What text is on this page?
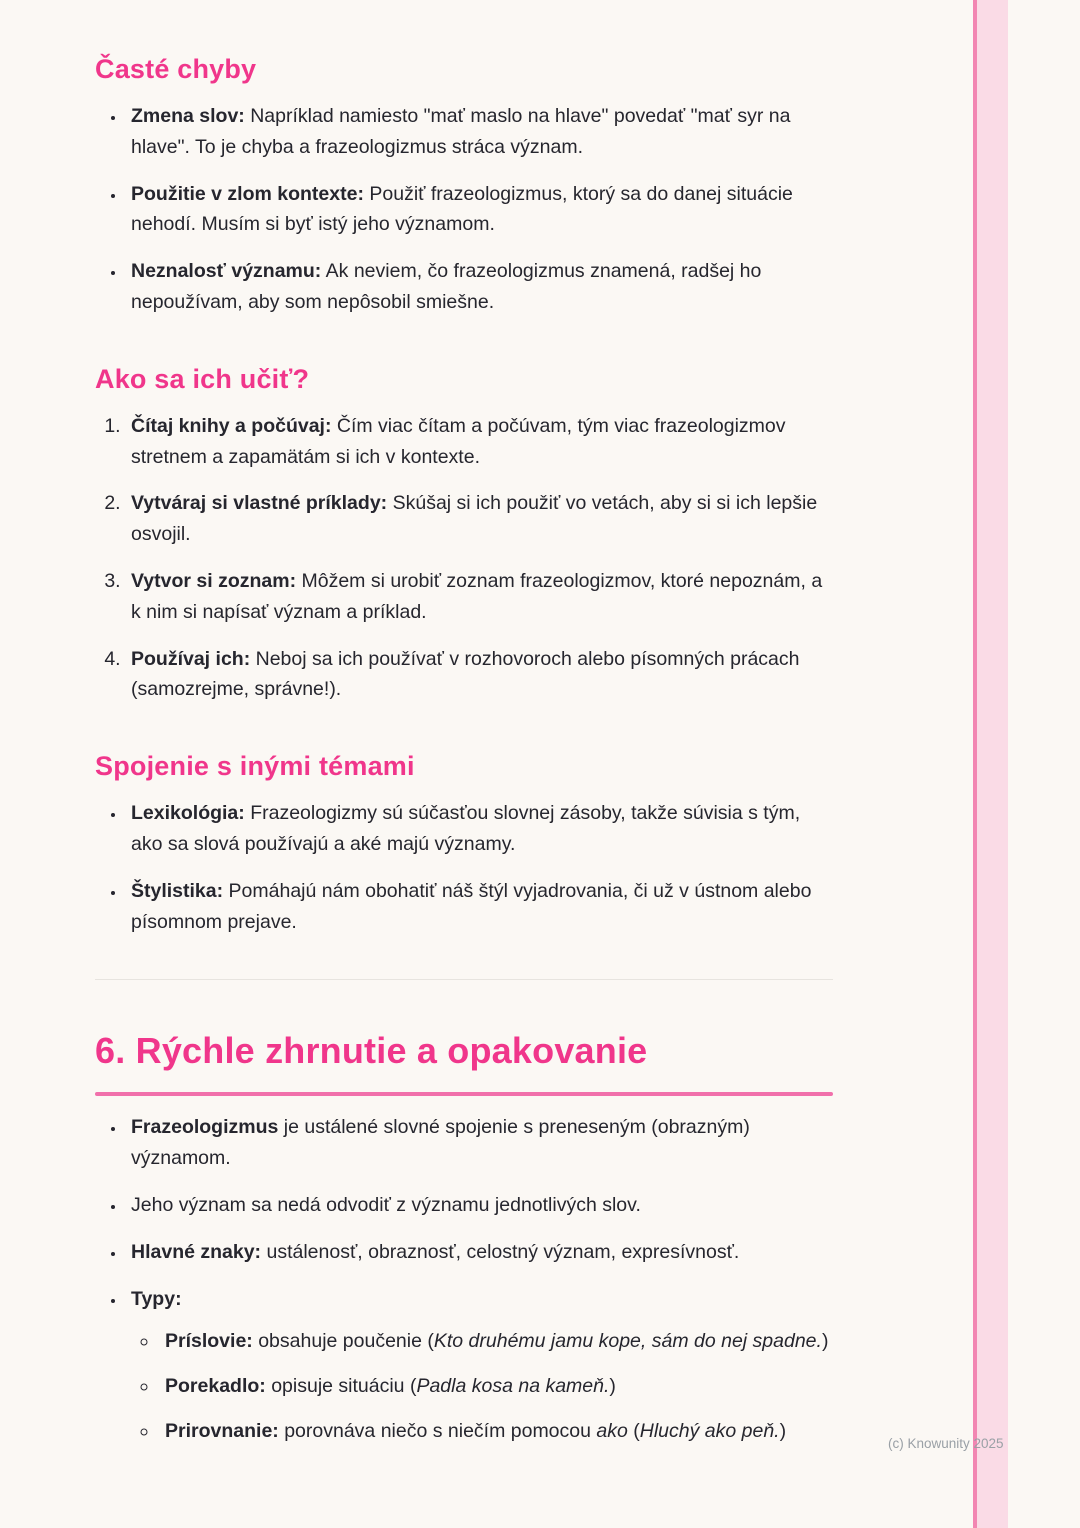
Časté chyby
• Zmena slov: Napríklad namiesto "mať maslo na hlave" povedať "mať syr na hlave". To je chyba a frazeologizmus stráca význam.
• Použitie v zlom kontexte: Použiť frazeologizmus, ktorý sa do danej situácie nehodí. Musím si byť istý jeho významom.
• Neznalosť významu: Ak neviem, čo frazeologizmus znamená, radšej ho nepoužívam, aby som nepôsobil smiešne.
Ako sa ich učiť?
1. Čítaj knihy a počúvaj: Čím viac čítam a počúvam, tým viac frazeologizmov stretnem a zapamätám si ich v kontexte.
2. Vytváraj si vlastné príklady: Skúšaj si ich použiť vo vetách, aby si si ich lepšie osvojil.
3. Vytvor si zoznam: Môžem si urobiť zoznam frazeologizmov, ktoré nepoznám, a k nim si napísať význam a príklad.
4. Používaj ich: Neboj sa ich používať v rozhovoroch alebo písomných prácach (samozrejme, správne!).
Spojenie s inými témami
• Lexikológia: Frazeologizmy sú súčasťou slovnej zásoby, takže súvisia s tým, ako sa slová používajú a aké majú významy.
• Štylistika: Pomáhajú nám obohatiť náš štýl vyjadrovania, či už v ústnom alebo písomnom prejave.
6. Rýchle zhrnutie a opakovanie
• Frazeologizmus je ustálené slovné spojenie s preneseným (obrazným) významom.
• Jeho význam sa nedá odvodiť z významu jednotlivých slov.
• Hlavné znaky: ustálenosť, obraznosť, celostný význam, expresívnosť.
• Typy:
◦ Príslovie: obsahuje poučenie (Kto druhému jamu kope, sám do nej spadne.)
◦ Porekadlo: opisuje situáciu (Padla kosa na kameň.)
◦ Prirovnanie: porovnáva niečo s niečím pomocou ako (Hluchý ako peň.)
(c) Knowunity 2025
